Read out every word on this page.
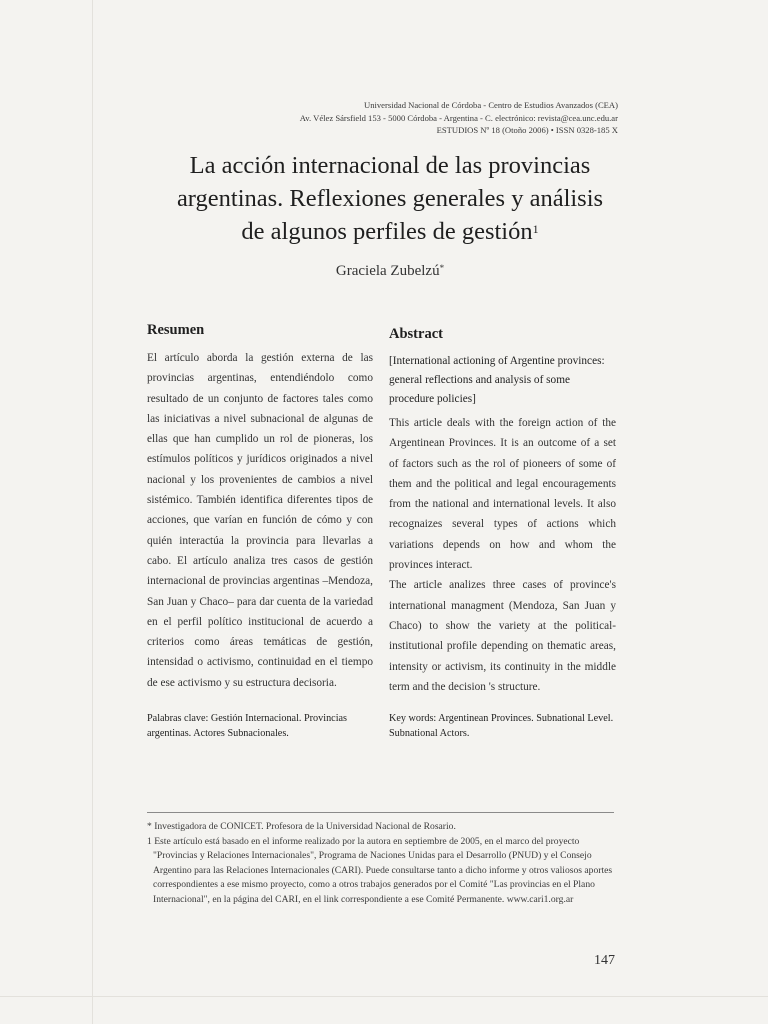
Universidad Nacional de Córdoba - Centro de Estudios Avanzados (CEA)
Av. Vélez Sársfield 153 - 5000 Córdoba - Argentina - C. electrónico: revista@cea.unc.edu.ar
ESTUDIOS Nº 18 (Otoño 2006) • ISSN 0328-185 X
La acción internacional de las provincias
argentinas. Reflexiones generales y análisis
de algunos perfiles de gestión$^1$
Graciela Zubelzú*
Resumen

El artículo aborda la gestión externa de las provincias argentinas, entendiéndolo como resultado de un conjunto de factores tales como las iniciativas a nivel subnacional de algunas de ellas que han cumplido un rol de pioneras, los estímulos políticos y jurídicos originados a nivel nacional y los provenientes de cambios a nivel sistémico. También identifica diferentes tipos de acciones, que varían en función de cómo y con quién interactúa la provincia para llevarlas a cabo. El artículo analiza tres casos de gestión internacional de provincias argentinas –Mendoza, San Juan y Chaco– para dar cuenta de la variedad en el perfil político institucional de acuerdo a criterios como áreas temáticas de gestión, intensidad o activismo, continuidad en el tiempo de ese activismo y su estructura decisoria.

Palabras clave: Gestión Internacional. Provincias argentinas. Actores Subnacionales.

Abstract

[International actioning of Argentine provinces: general reflections and analysis of some procedure policies]

This article deals with the foreign action of the Argentinean Provinces. It is an outcome of a set of factors such as the rol of pioneers of some of them and the political and legal encouragements from the national and international levels. It also recognaizes several types of actions which variations depends on how and whom the provinces interact.

The article analizes three cases of province's international managment (Mendoza, San Juan y Chaco) to show the variety at the political-institutional profile depending on thematic areas, intensity or activism, its continuity in the middle term and the decision 's structure.

Key words: Argentinean Provinces. Subnational Level. Subnational Actors.

* Investigadora de CONICET. Profesora de la Universidad Nacional de Rosario.

1 Este artículo está basado en el informe realizado por la autora en septiembre de 2005, en el marco del proyecto "Provincias y Relaciones Internacionales", Programa de Naciones Unidas para el Desarrollo (PNUD) y el Consejo Argentino para las Relaciones Internacionales (CARI). Puede consultarse tanto a dicho informe y otros valiosos aportes correspondientes a ese mismo proyecto, como a otros trabajos generados por el Comité "Las provincias en el Plano Internacional", en la página del CARI, en el link correspondiente a ese Comité Permanente. www.cari1.org.ar

147
